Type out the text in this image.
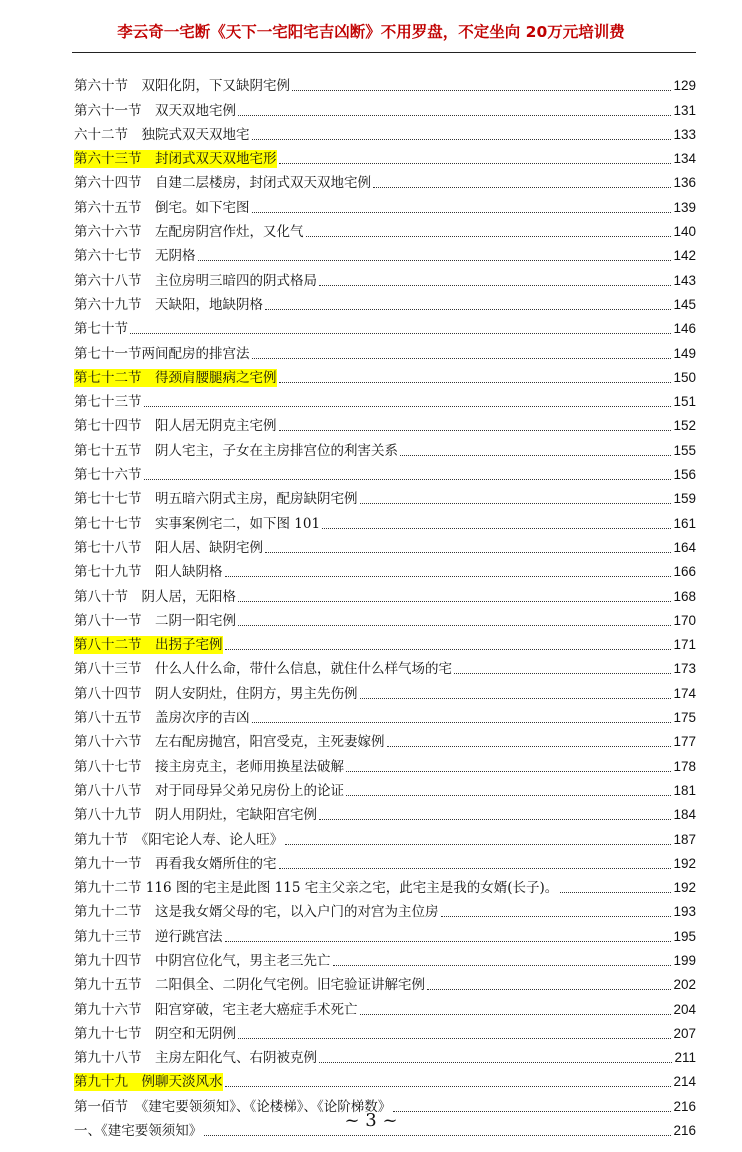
李云奇一宅断《天下一宅阳宅吉凶断》不用罗盘，不定坐向 20万元培训费
第六十节　双阳化阴，下又缺阴宅例	129
第六十一节　双天双地宅例	131
六十二节　独院式双天双地宅	133
第六十三节　封闭式双天双地宅形	134
第六十四节　自建二层楼房，封闭式双天双地宅例	136
第六十五节　倒宅。如下宅图	139
第六十六节　左配房阴宫作灶，又化气	140
第六十七节　无阴格	142
第六十八节　主位房明三暗四的阴式格局	143
第六十九节　天缺阳，地缺阴格	145
第七十节	146
第七十一节两间配房的排宫法	149
第七十二节　得颈肩腰腿病之宅例	150
第七十三节	151
第七十四节　阳人居无阴克主宅例	152
第七十五节　阴人宅主，子女在主房排宫位的利害关系	155
第七十六节	156
第七十七节　明五暗六阴式主房，配房缺阴宅例	159
第七十七节　实事案例宅二，如下图 101	161
第七十八节　阳人居、缺阴宅例	164
第七十九节　阳人缺阴格	166
第八十节　阴人居，无阳格	168
第八十一节　二阴一阳宅例	170
第八十二节　出拐子宅例	171
第八十三节　什么人什么命，带什么信息，就住什么样气场的宅	173
第八十四节　阴人安阴灶，住阴方，男主先伤例	174
第八十五节　盖房次序的吉凶	175
第八十六节　左右配房抛宫，阳宫受克，主死妻嫁例	177
第八十七节　接主房克主，老师用换星法破解	178
第八十八节　对于同母异父弟兄房份上的论证	181
第八十九节　阴人用阴灶，宅缺阳宫宅例	184
第九十节　《阳宅论人寿、论人旺》	187
第九十一节　再看我女婿所住的宅	192
第九十二节 116 图的宅主是此图 115 宅主父亲之宅，此宅主是我的女婿(长子)。	192
第九十二节　这是我女婿父母的宅，以入户门的对宫为主位房	193
第九十三节　逆行跳宫法	195
第九十四节　中阴宫位化气，男主老三先亡	199
第九十五节　二阳俱全、二阴化气宅例。旧宅验证讲解宅例	202
第九十六节　阳宫穿破，宅主老大癌症手术死亡	204
第九十七节　阴空和无阴例	207
第九十八节　主房左阳化气、右阴被克例	211
第九十九　例聊天淡风水	214
第一佰节　《建宅要领须知》、《论楼梯》、《论阶梯数》	216
一、《建宅要领须知》	216
~ 3 ~
